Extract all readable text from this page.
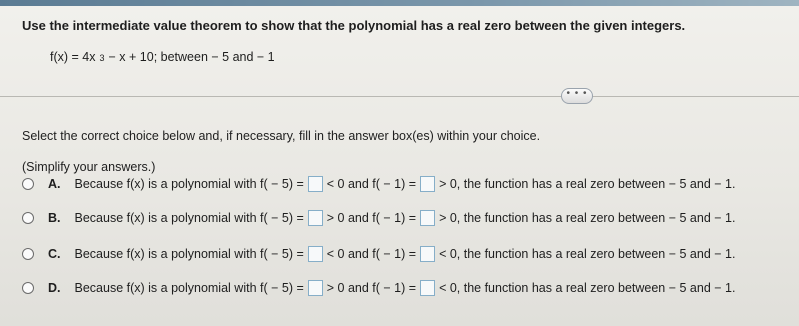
Use the intermediate value theorem to show that the polynomial has a real zero between the given integers.
f(x) = 4x 3 − x + 10; between − 5 and − 1
• • •
Select the correct choice below and, if necessary, fill in the answer box(es) within your choice.
(Simplify your answers.)
A. Because f(x) is a polynomial with f( − 5) = < 0 and f( − 1) = > 0, the function has a real zero between − 5 and − 1.
B. Because f(x) is a polynomial with f( − 5) = > 0 and f( − 1) = > 0, the function has a real zero between − 5 and − 1.
C. Because f(x) is a polynomial with f( − 5) = < 0 and f( − 1) = < 0, the function has a real zero between − 5 and − 1.
D. Because f(x) is a polynomial with f( − 5) = > 0 and f( − 1) = < 0, the function has a real zero between − 5 and − 1.
